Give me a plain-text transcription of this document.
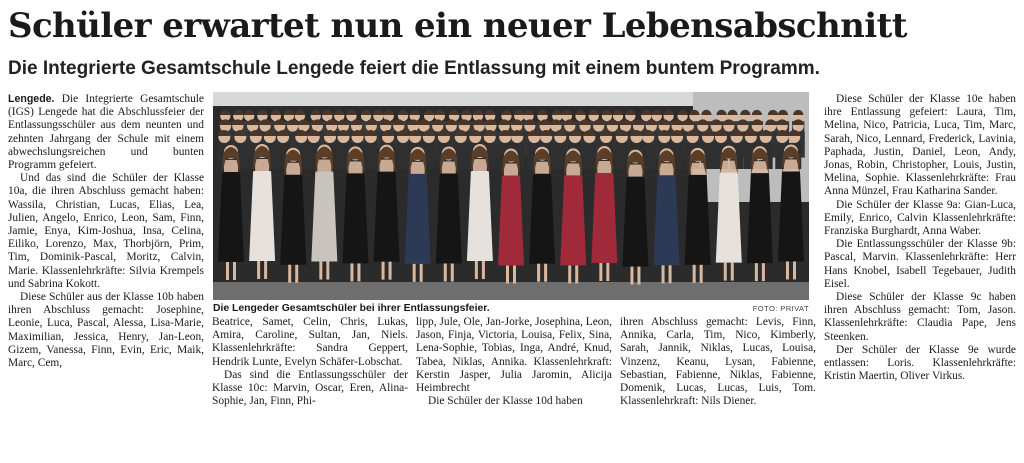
Schüler erwartet nun ein neuer Lebensabschnitt
Die Integrierte Gesamtschule Lengede feiert die Entlassung mit einem buntem Programm.

Lengede. Die Integrierte Gesamtschule (IGS) Lengede hat die Abschlussfeier der Entlassungsschüler aus dem neunten und zehnten Jahrgang der Schule mit einem abwechslungsreichen und bunten Programm gefeiert.

Und das sind die Schüler der Klasse 10a, die ihren Abschluss gemacht haben: Wassila, Christian, Lucas, Elias, Lea, Julien, Angelo, Enrico, Leon, Sam, Finn, Jamie, Enya, Kim-Joshua, Insa, Celina, Eiliko, Lorenzo, Max, Thorbjörn, Prim, Tim, Dominik-Pascal, Moritz, Calvin, Marie. Klassenlehrkräfte: Silvia Krempels und Sabrina Kokott.

Diese Schüler aus der Klasse 10b haben ihren Abschluss gemacht: Josephine, Leonie, Luca, Pascal, Alessa, Lisa-Marie, Maximilian, Jessica, Henry, Jan-Leon, Gizem, Vanessa, Finn, Evin, Eric, Maik, Marc, Cem,

Die Lengeder Gesamtschüler bei ihrer Entlassungsfeier.	FOTO: PRIVAT

Beatrice, Samet, Celin, Chris, Lukas, Amira, Caroline, Sultan, Jan, Niels. Klassenlehrkräfte: Sandra Geppert, Hendrik Lunte, Evelyn Schäfer-Lobschat.

Das sind die Entlassungsschüler der Klasse 10c: Marvin, Oscar, Eren, Alina-Sophie, Jan, Finn, Phi-

lipp, Jule, Ole, Jan-Jorke, Josephina, Leon, Jason, Finja, Victoria, Louisa, Felix, Sina, Lena-Sophie, Tobias, Inga, André, Knud, Tabea, Niklas, Annika. Klassenlehrkraft: Kerstin Jasper, Julia Jaromin, Alicija Heimbrecht

Die Schüler der Klasse 10d haben

ihren Abschluss gemacht: Levis, Finn, Annika, Carla, Tim, Nico, Kimberly, Sarah, Jannik, Niklas, Lucas, Louisa, Vinzenz, Keanu, Lysan, Fabienne, Sebastian, Fabienne, Niklas, Fabienne, Domenik, Lucas, Lucas, Luis, Tom. Klassenlehrkraft: Nils Diener.

Diese Schüler der Klasse 10e haben ihre Entlassung gefeiert: Laura, Tim, Melina, Nico, Patricia, Luca, Tim, Marc, Sarah, Nico, Lennard, Frederick, Lavinia, Paphada, Justin, Daniel, Leon, Andy, Jonas, Robin, Christopher, Louis, Justin, Melina, Sophie. Klassenlehrkräfte: Frau Anna Münzel, Frau Katharina Sander.

Die Schüler der Klasse 9a: Gian-Luca, Emily, Enrico, Calvin Klassenlehrkräfte: Franziska Burghardt, Anna Waber.

Die Entlassungsschüler der Klasse 9b: Pascal, Marvin. Klassenlehrkräfte: Herr Hans Knobel, Isabell Tegebauer, Judith Eisel.

Diese Schüler der Klasse 9c haben ihren Abschluss gemacht: Tom, Jason. Klassenlehrkräfte: Claudia Pape, Jens Steenken.

Der Schüler der Klasse 9e wurde entlassen: Loris. Klassenlehrkräfte: Kristin Maertin, Oliver Virkus.
